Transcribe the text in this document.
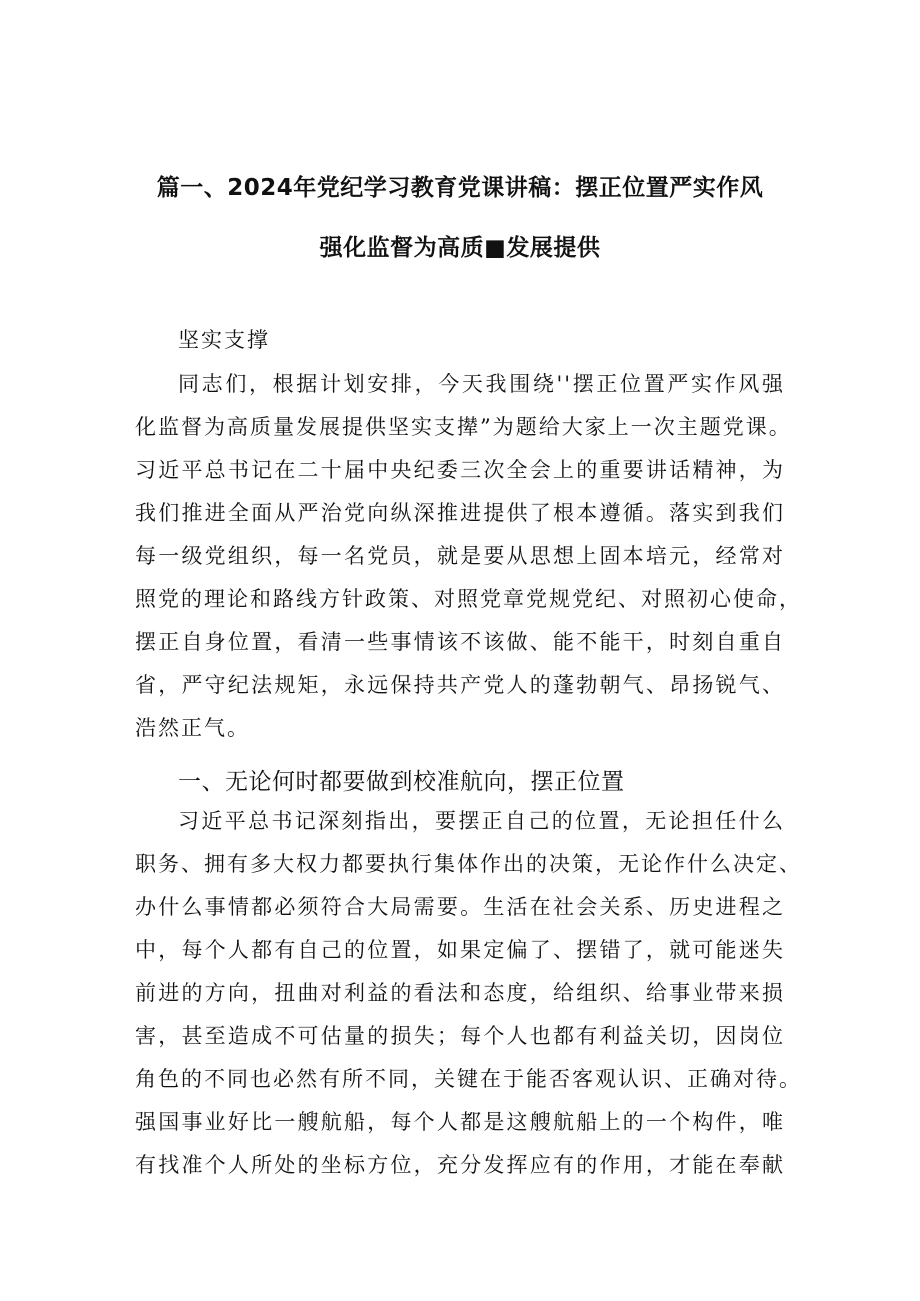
篇一、2024年党纪学习教育党课讲稿：摆正位置严实作风
强化监督为高质■发展提供
坚实支撑
同志们，根据计划安排，今天我围绕''摆正位置严实作风强
化监督为高质量发展提供坚实支撵”为题给大家上一次主题党课。
习近平总书记在二十届中央纪委三次全会上的重要讲话精神，为
我们推进全面从严治党向纵深推进提供了根本遵循。落实到我们
每一级党组织，每一名党员，就是要从思想上固本培元，经常对
照党的理论和路线方针政策、对照党章党规党纪、对照初心使命，
摆正自身位置，看清一些事情该不该做、能不能干，时刻自重自
省，严守纪法规矩，永远保持共产党人的蓬勃朝气、昂扬锐气、
浩然正气。
一、无论何时都要做到校准航向，摆正位置
习近平总书记深刻指出，要摆正自己的位置，无论担任什么
职务、拥有多大权力都要执行集体作出的决策，无论作什么决定、
办什么事情都必须符合大局需要。生活在社会关系、历史进程之
中，每个人都有自己的位置，如果定偏了、摆错了，就可能迷失
前进的方向，扭曲对利益的看法和态度，给组织、给事业带来损
害，甚至造成不可估量的损失；每个人也都有利益关切，因岗位
角色的不同也必然有所不同，关键在于能否客观认识、正确对待。
强国事业好比一艘航船，每个人都是这艘航船上的一个构件，唯
有找准个人所处的坐标方位，充分发挥应有的作用，才能在奉献
